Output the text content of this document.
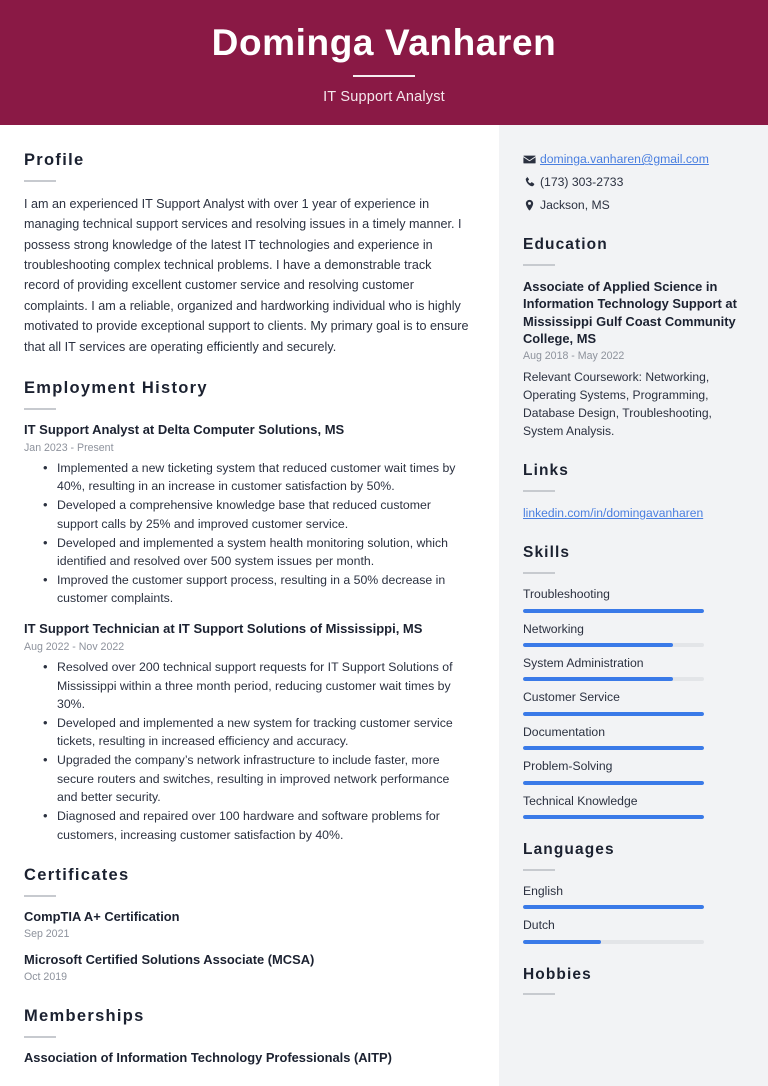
Dominga Vanharen

IT Support Analyst

Profile

I am an experienced IT Support Analyst with over 1 year of experience in managing technical support services and resolving issues in a timely manner. I possess strong knowledge of the latest IT technologies and experience in troubleshooting complex technical problems. I have a demonstrable track record of providing excellent customer service and resolving customer complaints. I am a reliable, organized and hardworking individual who is highly motivated to provide exceptional support to clients. My primary goal is to ensure that all IT services are operating efficiently and securely.

Employment History

IT Support Analyst at Delta Computer Solutions, MS

Jan 2023 - Present

• Implemented a new ticketing system that reduced customer wait times by 40%, resulting in an increase in customer satisfaction by 50%.
• Developed a comprehensive knowledge base that reduced customer support calls by 25% and improved customer service.
• Developed and implemented a system health monitoring solution, which identified and resolved over 500 system issues per month.
• Improved the customer support process, resulting in a 50% decrease in customer complaints.

IT Support Technician at IT Support Solutions of Mississippi, MS

Aug 2022 - Nov 2022

• Resolved over 200 technical support requests for IT Support Solutions of Mississippi within a three month period, reducing customer wait times by 30%.
• Developed and implemented a new system for tracking customer service tickets, resulting in increased efficiency and accuracy.
• Upgraded the company’s network infrastructure to include faster, more secure routers and switches, resulting in improved network performance and better security.
• Diagnosed and repaired over 100 hardware and software problems for customers, increasing customer satisfaction by 40%.
Certificates

CompTIA A+ Certification

Sep 2021

Microsoft Certified Solutions Associate (MCSA)

Oct 2019

Memberships

Association of Information Technology Professionals (AITP)

dominga.vanharen@gmail.com
(173) 303-2733
Jackson, MS
Education

Associate of Applied Science in Information Technology Support at Mississippi Gulf Coast Community College, MS

Aug 2018 - May 2022

Relevant Coursework: Networking, Operating Systems, Programming, Database Design, Troubleshooting, System Analysis.

Links
linkedin.com/in/domingavanharen
Skills
Troubleshooting
Networking
System Administration
Customer Service
Documentation
Problem-Solving
Technical Knowledge
Languages
English
Dutch
Hobbies
